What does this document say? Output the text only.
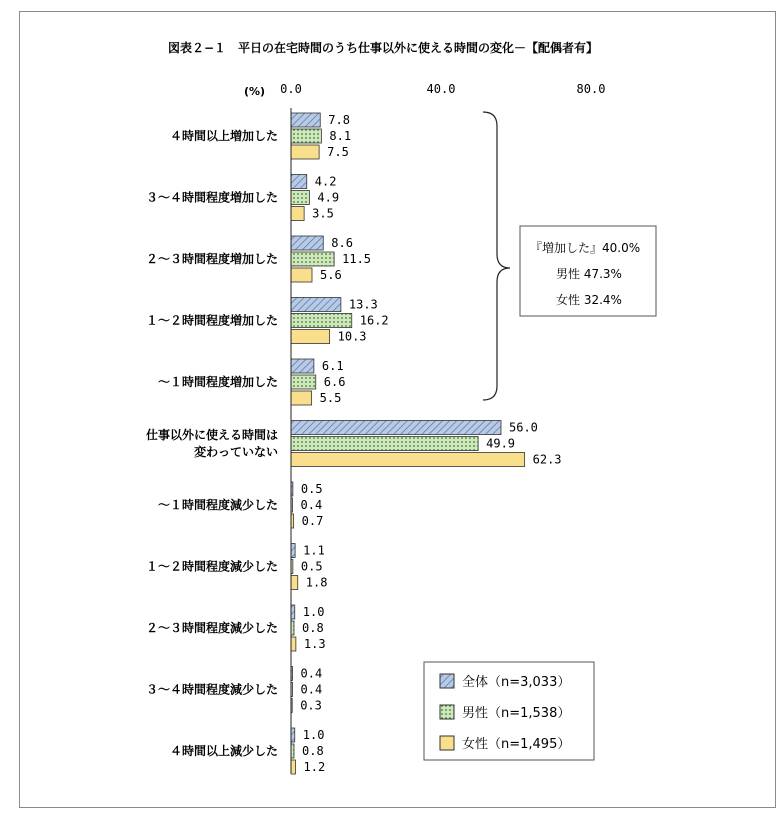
図表２−１　平日の在宅時間のうち仕事以外に使える時間の変化－【配偶者有】
(%) 0.0	40.0	80.0
４時間以上増加した
３～４時間程度増加した
２～３時間程度増加した
１～２時間程度増加した
～１時間程度増加した
仕事以外に使える時間は
変わっていない
～１時間程度減少した
１～２時間程度減少した
２～３時間程度減少した
３～４時間程度減少した
４時間以上減少した
7.8
8.1
7.5
4.2
4.9
3.5
8.6
11.5
5.6
13.3
16.2
10.3
6.1
6.6
5.5
56.0
49.9
62.3
0.5
0.4
0.7
1.1
0.5
1.8
1.0
0.8
1.3
0.4
0.4
0.3
1.0
0.8
1.2
『増加した』40.0%
男性 47.3%
女性 32.4%
全体（n=3,033）
男性（n=1,538）
女性（n=1,495）
